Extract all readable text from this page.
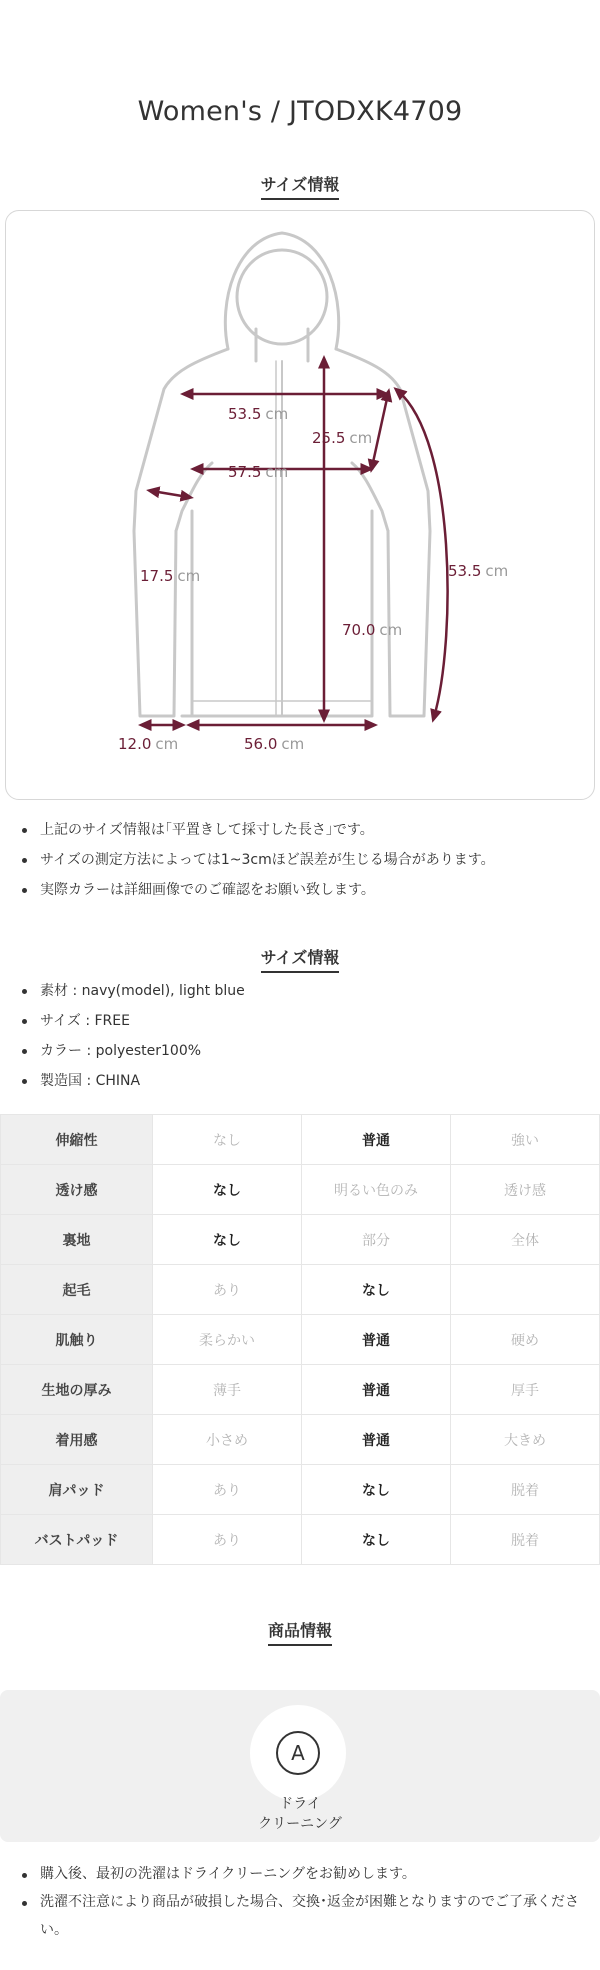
Women's / JTODXK4709
サイズ情報
53.5 cm
57.5 cm
25.5 cm
70.0 cm
53.5 cm
17.5 cm
12.0 cm	56.0 cm
上記のサイズ情報は｢平置きして採寸した長さ｣です。
サイズの測定方法によっては1~3cmほど誤差が生じる場合があります。
実際カラーは詳細画像でのご確認をお願い致します。
サイズ情報
素材 : navy(model), light blue
サイズ : FREE
カラー : polyester100%
製造国 : CHINA
伸縮性	なし	普通	強い
透け感	なし	明るい色のみ	透け感
裏地	なし	部分	全体
起毛	あり	なし	
肌触り	柔らかい	普通	硬め
生地の厚み	薄手	普通	厚手
着用感	小さめ	普通	大きめ
肩パッド	あり	なし	脱着
バストパッド	あり	なし	脱着
商品情報
A
ドライ
クリーニング
購入後、最初の洗濯はドライクリーニングをお勧めします。
洗濯不注意により商品が破損した場合、交換･返金が困難となりますのでご了承ください。
